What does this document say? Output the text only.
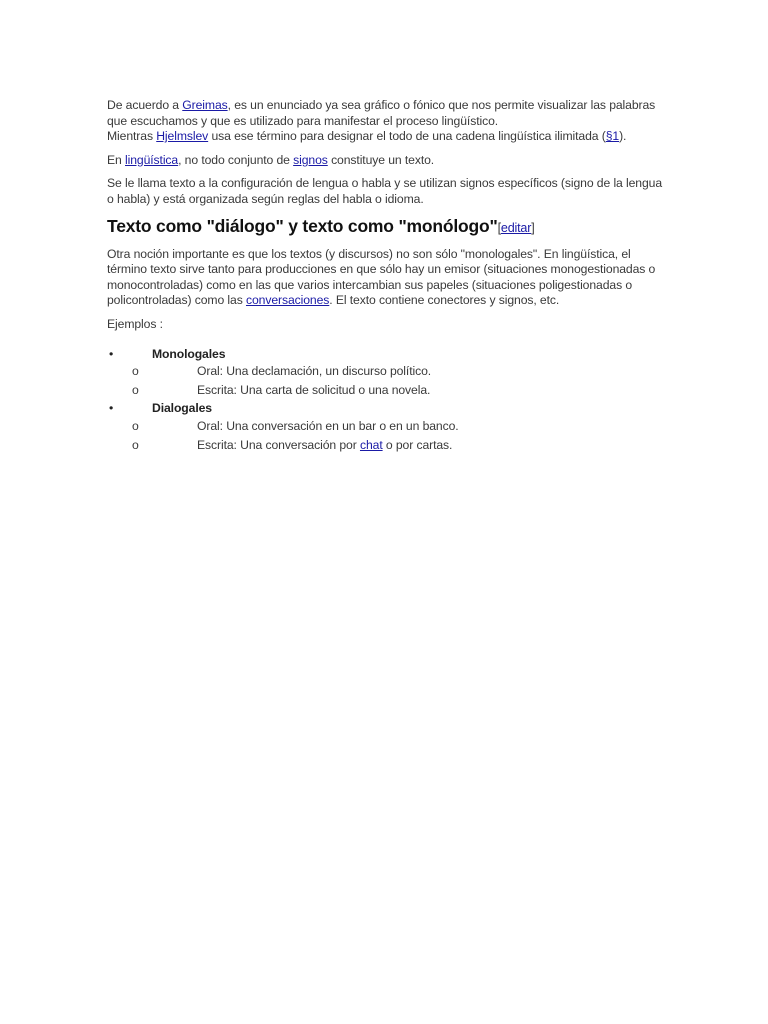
De acuerdo a Greimas, es un enunciado ya sea gráfico o fónico que nos permite visualizar las palabras que escuchamos y que es utilizado para manifestar el proceso lingüístico.
Mientras Hjelmslev usa ese término para designar el todo de una cadena lingüística ilimitada (§1).

En lingüística, no todo conjunto de signos constituye un texto.

Se le llama texto a la configuración de lengua o habla y se utilizan signos específicos (signo de la lengua o habla) y está organizada según reglas del habla o idioma.

Texto como "diálogo" y texto como "monólogo"[editar]

Otra noción importante es que los textos (y discursos) no son sólo "monologales". En lingüística, el término texto sirve tanto para producciones en que sólo hay un emisor (situaciones monogestionadas o monocontroladas) como en las que varios intercambian sus papeles (situaciones poligestionadas o policontroladas) como las conversaciones. El texto contiene conectores y signos, etc.

Ejemplos :

•	Monologales
o	Oral: Una declamación, un discurso político.
o	Escrita: Una carta de solicitud o una novela.
•	Dialogales
o	Oral: Una conversación en un bar o en un banco.
o	Escrita: Una conversación por chat o por cartas.
